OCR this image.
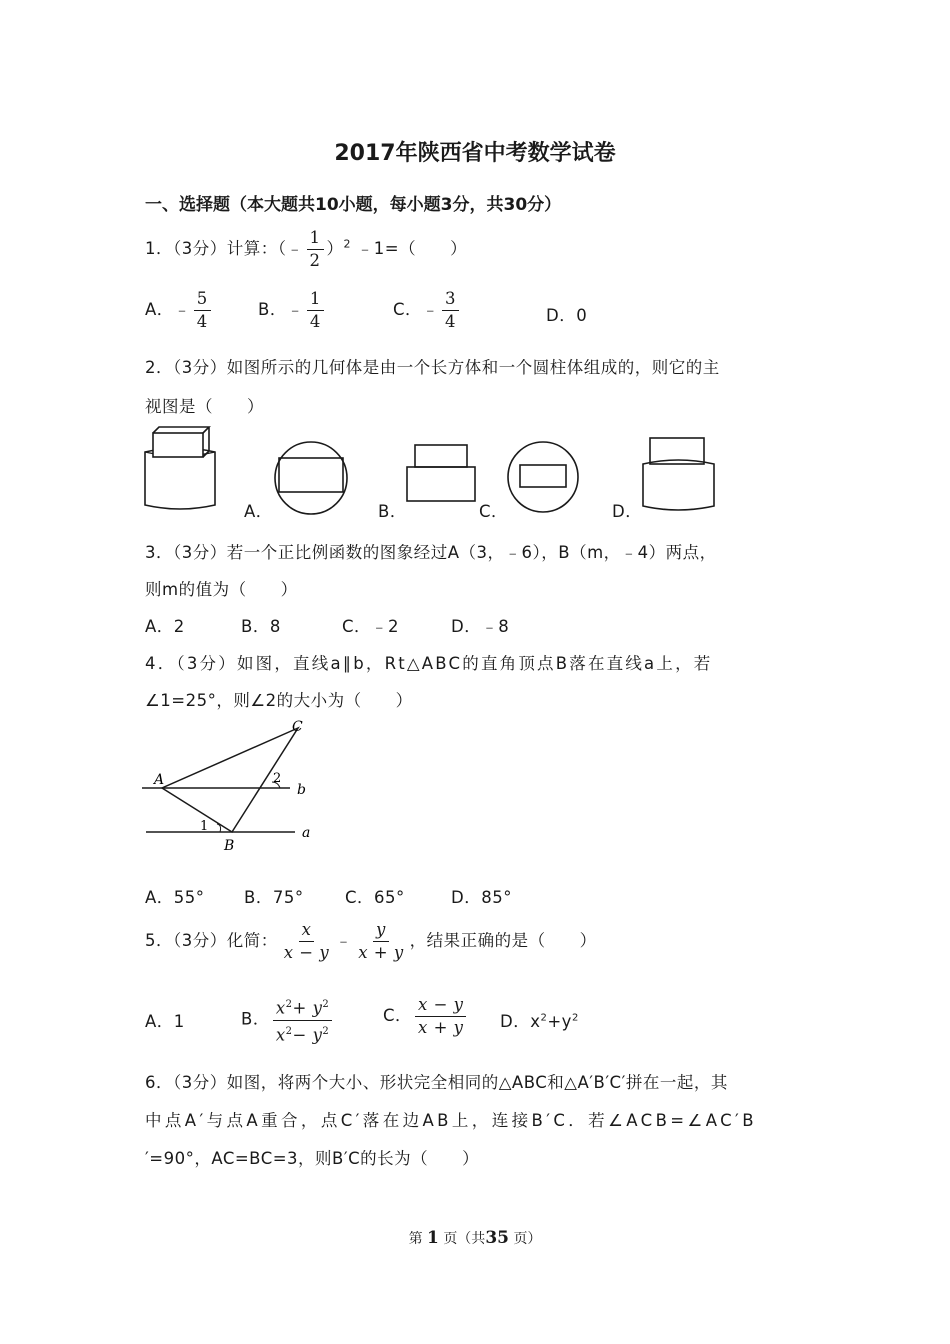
2017年陕西省中考数学试卷
一、选择题（本大题共10小题，每小题3分，共30分）
1．（3分）计算：（﹣ $\frac{1}{2} )^2$ ﹣1=（　　）
A．﹣ $\frac{5}{4}$	B．﹣ $\frac{1}{4}$	C．﹣ $\frac{3}{4}$	D．0
2．（3分）如图所示的几何体是由一个长方体和一个圆柱体组成的，则它的主
视图是（　　）
A．	B．	C．	D．
3．（3分）若一个正比例函数的图象经过A（3，﹣6），B（m，﹣4）两点，
则m的值为（　　）
A．2	B．8	C．﹣2	D．﹣8
4．（3分）如图，直线a∥b，Rt△ABC的直角顶点B落在直线a上，若
∠1=25°，则∠2的大小为（　　）
A
B
C
b
a
1
2
A．55° B．75°	C．65°	D．85°
5．（3分）化简： $\frac{x}{x - y}$ ﹣ $\frac{y}{x + y}$ ，结果正确的是（　　）
A．1	B． $\frac{x^2+ y^2}{x^2- y^2}$	C． $\frac{x - y}{x + y}$ D．$x^2+y^2$
6．（3分）如图，将两个大小、形状完全相同的△ABC和△A′B′C′拼在一起，其
中点A′与点A重合，点C′落在边AB上，连接B′C．若∠ACB=∠AC′B
′=90°，AC=BC=3，则B′C的长为（　　）
第 1 页（共35 页）
